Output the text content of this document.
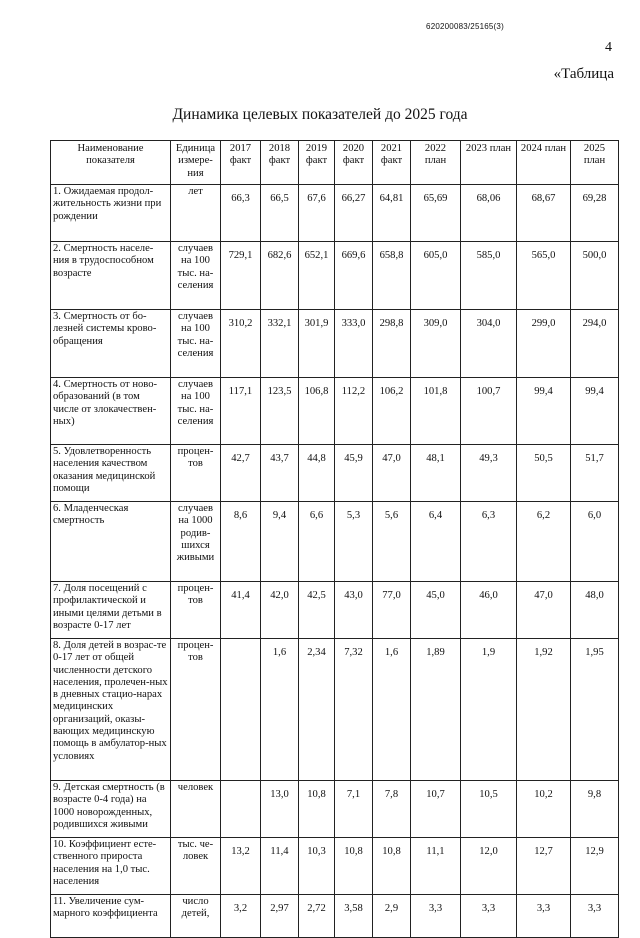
620200083/25165(3)
4
«Таблица
Динамика целевых показателей до 2025 года
Наименование показателя	Единица измере-ния	2017 факт	2018 факт	2019 факт	2020 факт	2021 факт	2022 план	2023 план	2024 план	2025 план
1. Ожидаемая продол-жительность жизни при рождении	лет	66,3	66,5	67,6	66,27	64,81	65,69	68,06	68,67	69,28
2. Смертность населе-ния в трудоспособном возрасте	случаев на 100 тыс. на-селения	729,1	682,6	652,1	669,6	658,8	605,0	585,0	565,0	500,0
3. Смертность от бо-лезней системы крово-обращения	случаев на 100 тыс. на-селения	310,2	332,1	301,9	333,0	298,8	309,0	304,0	299,0	294,0
4. Смертность от ново-образований (в том числе от злокачествен-ных)	случаев на 100 тыс. на-селения	117,1	123,5	106,8	112,2	106,2	101,8	100,7	99,4	99,4
5. Удовлетворенность населения качеством оказания медицинской помощи	процен-тов	42,7	43,7	44,8	45,9	47,0	48,1	49,3	50,5	51,7
6. Младенческая смертность	случаев на 1000 родив-шихся живыми	8,6	9,4	6,6	5,3	5,6	6,4	6,3	6,2	6,0
7. Доля посещений с профилактической и иными целями детьми в возрасте 0-17 лет	процен-тов	41,4	42,0	42,5	43,0	77,0	45,0	46,0	47,0	48,0
8. Доля детей в возрас-те 0-17 лет от общей численности детского населения, пролечен-ных в дневных стацио-нарах медицинских организаций, оказы-вающих медицинскую помощь в амбулатор-ных условиях	процен-тов		1,6	2,34	7,32	1,6	1,89	1,9	1,92	1,95
9. Детская смертность (в возрасте 0-4 года) на 1000 новорожденных, родившихся живыми	человек		13,0	10,8	7,1	7,8	10,7	10,5	10,2	9,8
10. Коэффициент есте-ственного прироста населения на 1,0 тыс. населения	тыс. че-ловек	13,2	11,4	10,3	10,8	10,8	11,1	12,0	12,7	12,9
11. Увеличение сум-марного коэффициента	число детей,	3,2	2,97	2,72	3,58	2,9	3,3	3,3	3,3	3,3
